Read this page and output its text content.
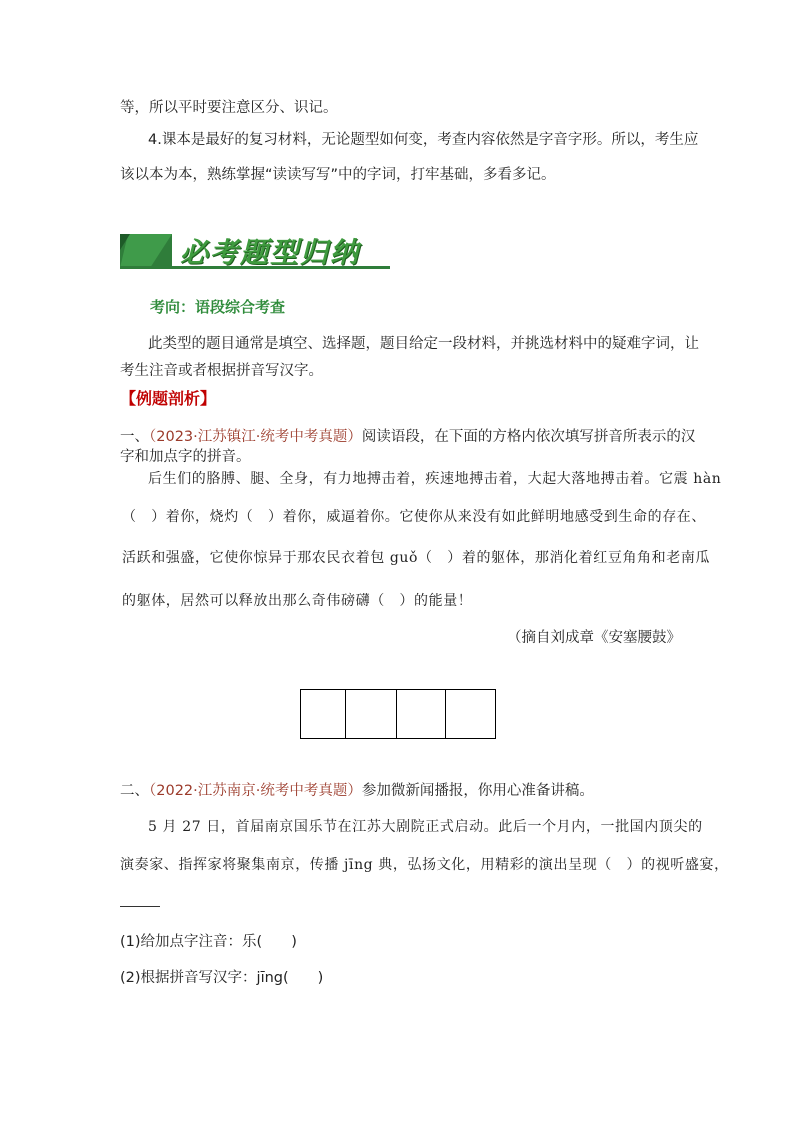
等，所以平时要注意区分、识记。
4.课本是最好的复习材料，无论题型如何变，考查内容依然是字音字形。所以，考生应
该以本为本，熟练掌握“读读写写”中的字词，打牢基础，多看多记。
必考题型归纳
考向：语段综合考查
此类型的题目通常是填空、选择题，题目给定一段材料，并挑选材料中的疑难字词，让
考生注音或者根据拼音写汉字。
【例题剖析】
一、（2023·江苏镇江·统考中考真题）阅读语段，在下面的方格内依次填写拼音所表示的汉
字和加点字的拼音。
后生们的胳膊、腿、全身，有力地搏击着，疾速地搏击着，大起大落地搏击着。它震 hàn
（　）着你，烧灼（　）着你，威逼着你。它使你从来没有如此鲜明地感受到生命的存在、
活跃和强盛，它使你惊异于那农民衣着包 guǒ（　）着的躯体，那消化着红豆角角和老南瓜
的躯体，居然可以释放出那么奇伟磅礴（　）的能量！
（摘自刘成章《安塞腰鼓》
二、（2022·江苏南京·统考中考真题）参加微新闻播报，你用心准备讲稿。
5 月 27 日，首届南京国乐节在江苏大剧院正式启动。此后一个月内，一批国内顶尖的
演奏家、指挥家将聚集南京，传播 jīng 典，弘扬文化，用精彩的演出呈现（　）的视听盛宴，
(1)给加点字注音：乐(　　)
(2)根据拼音写汉字：jīng(　　)
